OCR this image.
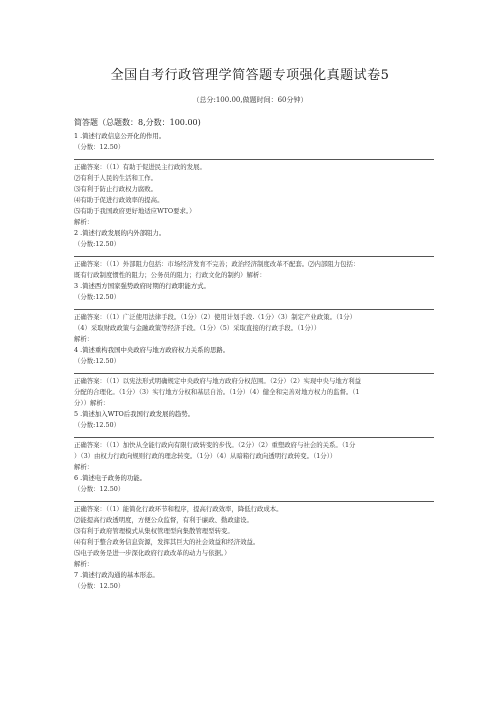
全国自考行政管理学简答题专项强化真题试卷5
（总分:100.00,做题时间：60分钟）
简答题（总题数：8,分数：100.00)
1 .简述行政信息公开化的作用。
（分数：12.50）
正确答案：（（1）有助于促进民主行政的发展。
⑵有利于人民的生活和工作。
⑶有利于防止行政权力腐败。
⑷有助于促进行政效率的提高。
⑸有助于我国政府更好地适应WTO要求。）
解析：
2 .简述行政发展的内外部阻力。
（分数:12.50）
正确答案：（（1）外部阻力包括：市场经济发育不完善；政治经济制度改革不配套。⑵内部阻力包括：
既有行政制度惯性的阻力；公务员的阻力；行政文化的制约）解析：
3 .简述西方国家强势政府时期的行政职能方式。
（分数:12.50）
正确答案：（（1）广泛使用法律手段。（1分）（2）使用计划手段.（1分）（3）制定产业政策。（1分）
（4）采取财政政策与金融政策等经济手段。（1分）（5）采取直接的行政手段。（1分））
解析：
4 .简述重构我国中央政府与地方政府权力关系的思路。
（分数:12.50）
正确答案：（（1）以宪法形式明确规定中央政府与地方政府分权范围。（2分）（2）实现中央与地方利益
分配的合理化。（1分）（3）实行地方分权和基层自治。（1分）（4）健全和完善对地方权力的监督。（1
分））解析：
5 .简述加入WTO后我国行政发展的趋势。
（分数:12.50）
正确答案：（（1）加快从全能行政向有限行政转变的步伐。（2分）（2）重塑政府与社会的关系。（1分
）（3）由权力行政向规则行政的理念转变。（1分）（4）从暗箱行政向透明行政转变。（1分））
解析：
6 .简述电子政务的功能。
（分数：12.50）
正确答案：（（1）能简化行政环节和程序，提高行政效率，降低行政成本。
⑵能提高行政透明度，方便公众监督，有利于廉政、勤政建设。
⑶有利于政府管理模式从集权管理型向集散管理型转变。
⑷有利于整合政务信息资源，发挥其巨大的社会效益和经济效益。
⑸电子政务是进一步深化政府行政改革的动力与依据。）
解析：
7 .简述行政沟通的基本形态。
（分数：12.50）
